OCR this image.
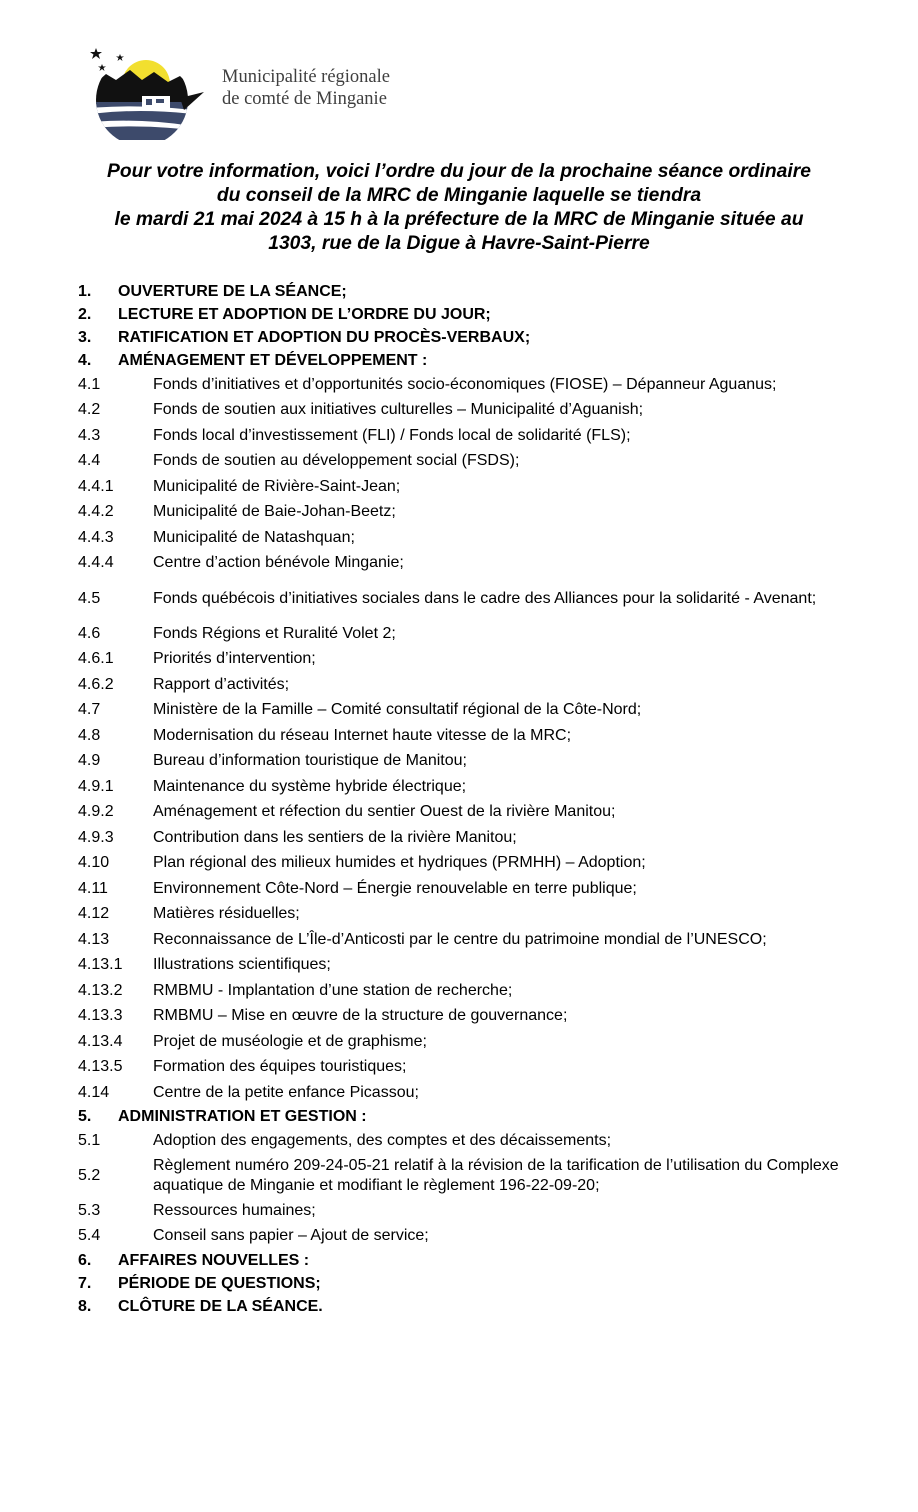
Municipalité régionale
de comté de Minganie
Pour votre information, voici l’ordre du jour de la prochaine séance ordinaire
du conseil de la MRC de Minganie laquelle se tiendra
le mardi 21 mai 2024 à 15 h à la préfecture de la MRC de Minganie située au
1303, rue de la Digue à Havre-Saint-Pierre
1.	OUVERTURE DE LA SÉANCE;
2.	LECTURE ET ADOPTION DE L’ORDRE DU JOUR;
3.	RATIFICATION ET ADOPTION DU PROCÈS-VERBAUX;
4.	AMÉNAGEMENT ET DÉVELOPPEMENT :
4.1	Fonds d’initiatives et d’opportunités socio-économiques (FIOSE) – Dépanneur Aguanus;
4.2	Fonds de soutien aux initiatives culturelles – Municipalité d’Aguanish;
4.3	Fonds local d’investissement (FLI) / Fonds local de solidarité (FLS);
4.4	Fonds de soutien au développement social (FSDS);
4.4.1	Municipalité de Rivière-Saint-Jean;
4.4.2	Municipalité de Baie-Johan-Beetz;
4.4.3	Municipalité de Natashquan;
4.4.4	Centre d’action bénévole Minganie;
4.5	Fonds québécois d’initiatives sociales dans le cadre des Alliances pour la solidarité - Avenant;
4.6	Fonds Régions et Ruralité Volet 2;
4.6.1	Priorités d’intervention;
4.6.2	Rapport d’activités;
4.7	Ministère de la Famille – Comité consultatif régional de la Côte-Nord;
4.8	Modernisation du réseau Internet haute vitesse de la MRC;
4.9	Bureau d’information touristique de Manitou;
4.9.1	Maintenance du système hybride électrique;
4.9.2	Aménagement et réfection du sentier Ouest de la rivière Manitou;
4.9.3	Contribution dans les sentiers de la rivière Manitou;
4.10	Plan régional des milieux humides et hydriques (PRMHH) – Adoption;
4.11	Environnement Côte-Nord – Énergie renouvelable en terre publique;
4.12	Matières résiduelles;
4.13	Reconnaissance de L’Île-d’Anticosti par le centre du patrimoine mondial de l’UNESCO;
4.13.1	Illustrations scientifiques;
4.13.2	RMBMU - Implantation d’une station de recherche;
4.13.3	RMBMU – Mise en œuvre de la structure de gouvernance;
4.13.4	Projet de muséologie et de graphisme;
4.13.5	Formation des équipes touristiques;
4.14	Centre de la petite enfance Picassou;
5.	ADMINISTRATION ET GESTION :
5.1	Adoption des engagements, des comptes et des décaissements;
5.2
Règlement numéro 209-24-05-21 relatif à la révision de la tarification de l’utilisation du Complexe aquatique de Minganie et modifiant le règlement 196-22-09-20;
5.3	Ressources humaines;
5.4	Conseil sans papier – Ajout de service;
6.	AFFAIRES NOUVELLES :
7.	PÉRIODE DE QUESTIONS;
8.	CLÔTURE DE LA SÉANCE.
